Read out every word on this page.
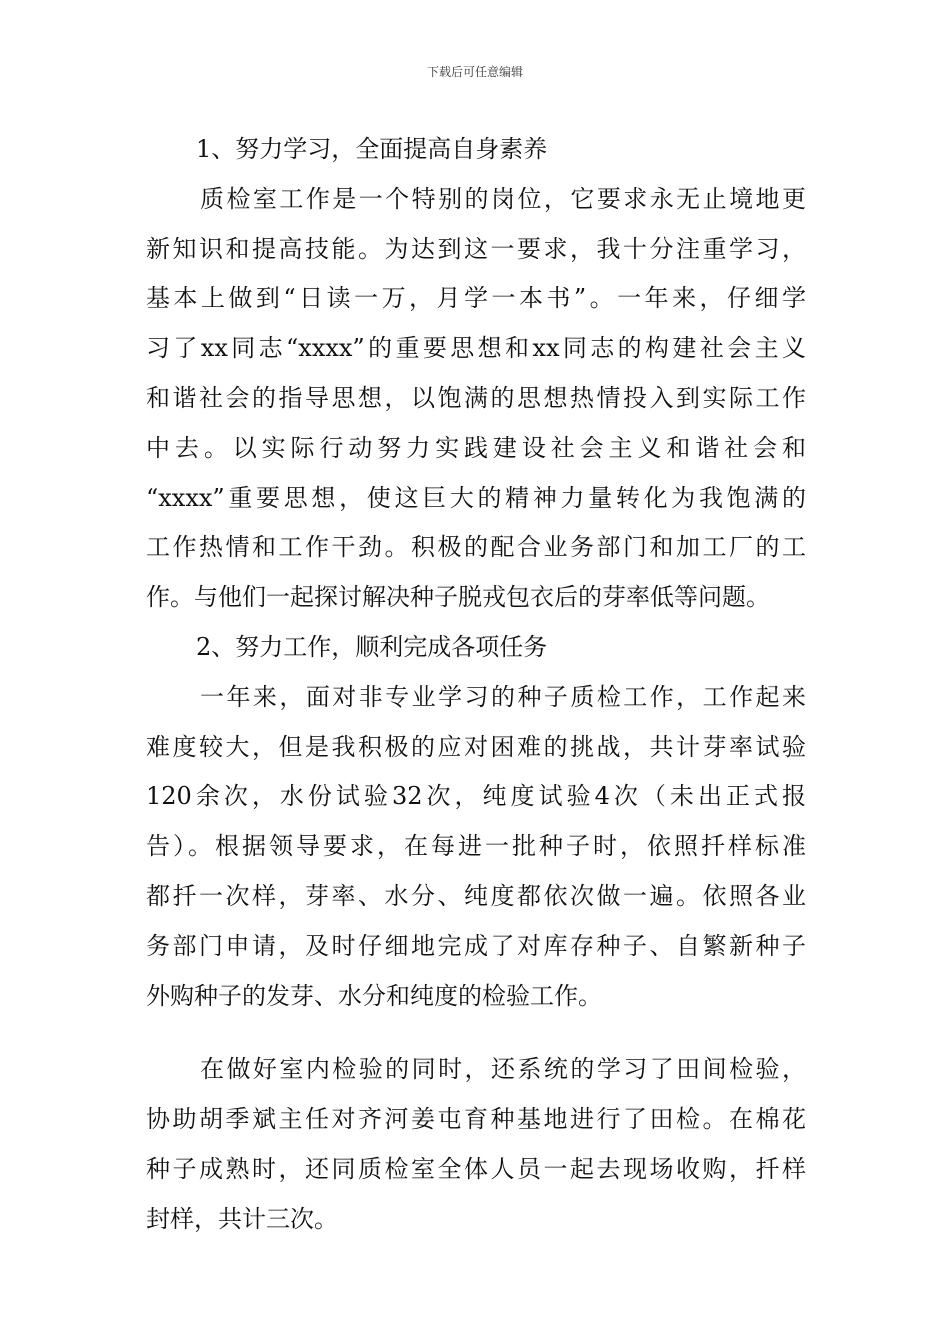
下载后可任意编辑
1、努力学习，全面提高自身素养
质检室工作是一个特别的岗位，它要求永无止境地更
新知识和提高技能。为达到这一要求，我十分注重学习，
基本上做到“日读一万，月学一本书”。一年来，仔细学
习了xx同志“xxxx”的重要思想和xx同志的构建社会主义
和谐社会的指导思想，以饱满的思想热情投入到实际工作
中去。以实际行动努力实践建设社会主义和谐社会和
“xxxx”重要思想，使这巨大的精神力量转化为我饱满的
工作热情和工作干劲。积极的配合业务部门和加工厂的工
作。与他们一起探讨解决种子脱戎包衣后的芽率低等问题。
2、努力工作，顺利完成各项任务
一年来，面对非专业学习的种子质检工作，工作起来
难度较大，但是我积极的应对困难的挑战，共计芽率试验
120余次，水份试验32次，纯度试验4次（未出正式报
告）。根据领导要求，在每进一批种子时，依照扦样标准
都扦一次样，芽率、水分、纯度都依次做一遍。依照各业
务部门申请，及时仔细地完成了对库存种子、自繁新种子
外购种子的发芽、水分和纯度的检验工作。
在做好室内检验的同时，还系统的学习了田间检验，
协助胡季斌主任对齐河姜屯育种基地进行了田检。在棉花
种子成熟时，还同质检室全体人员一起去现场收购，扦样
封样，共计三次。
